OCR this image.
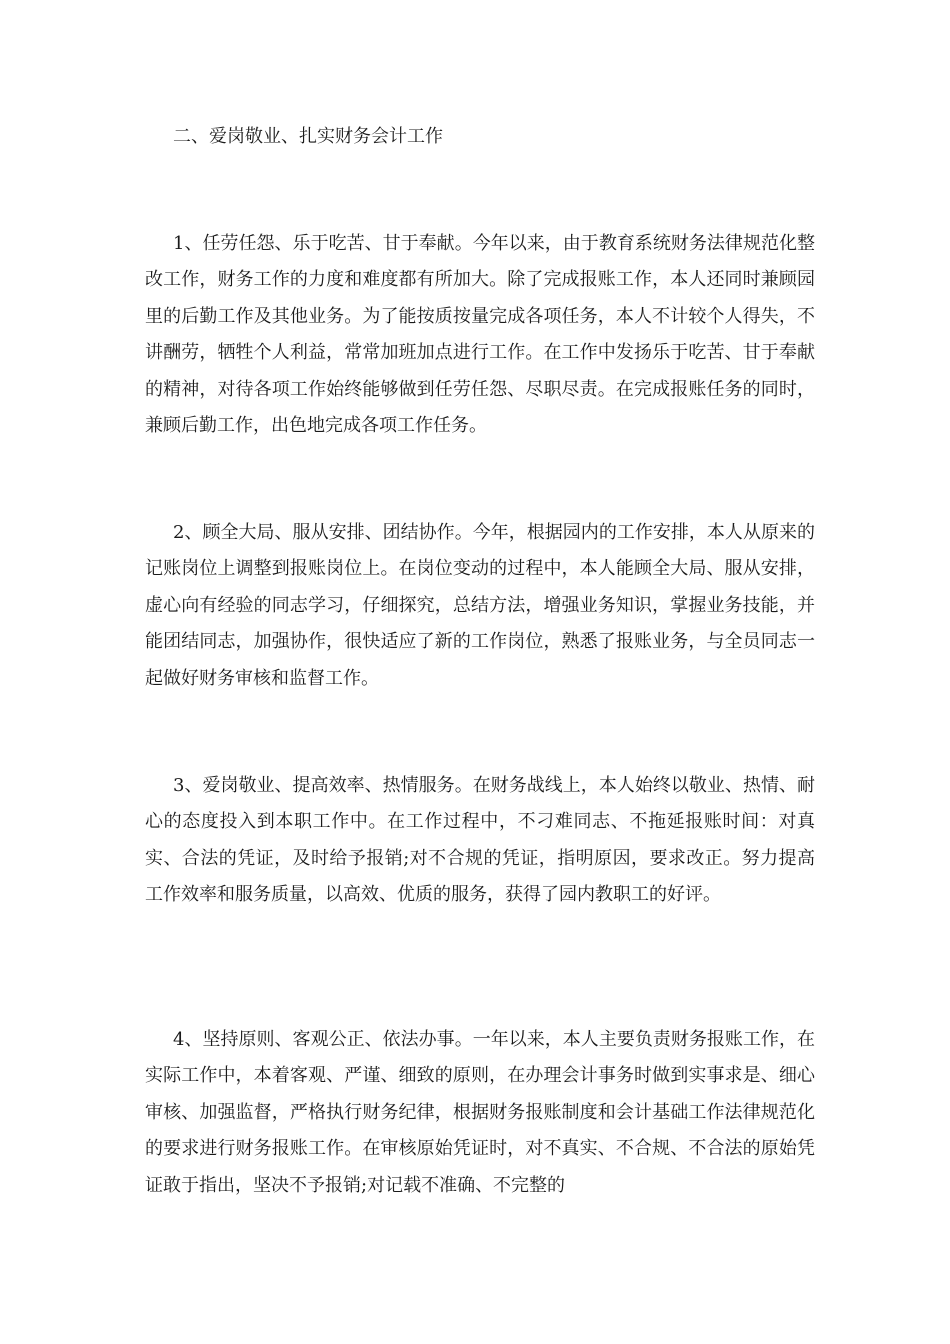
二、爱岗敬业、扎实财务会计工作

1、任劳任怨、乐于吃苦、甘于奉献。今年以来，由于教育系统财务法律规范化整改工作，财务工作的力度和难度都有所加大。除了完成报账工作，本人还同时兼顾园里的后勤工作及其他业务。为了能按质按量完成各项任务，本人不计较个人得失，不讲酬劳，牺牲个人利益，常常加班加点进行工作。在工作中发扬乐于吃苦、甘于奉献的精神，对待各项工作始终能够做到任劳任怨、尽职尽责。在完成报账任务的同时，兼顾后勤工作，出色地完成各项工作任务。

2、顾全大局、服从安排、团结协作。今年，根据园内的工作安排，本人从原来的记账岗位上调整到报账岗位上。在岗位变动的过程中，本人能顾全大局、服从安排，虚心向有经验的同志学习，仔细探究，总结方法，增强业务知识，掌握业务技能，并能团结同志，加强协作，很快适应了新的工作岗位，熟悉了报账业务，与全员同志一起做好财务审核和监督工作。

3、爱岗敬业、提高效率、热情服务。在财务战线上，本人始终以敬业、热情、耐心的态度投入到本职工作中。在工作过程中，不刁难同志、不拖延报账时间：对真实、合法的凭证，及时给予报销;对不合规的凭证，指明原因，要求改正。努力提高工作效率和服务质量，以高效、优质的服务，获得了园内教职工的好评。

4、坚持原则、客观公正、依法办事。一年以来，本人主要负责财务报账工作，在实际工作中，本着客观、严谨、细致的原则，在办理会计事务时做到实事求是、细心审核、加强监督，严格执行财务纪律，根据财务报账制度和会计基础工作法律规范化的要求进行财务报账工作。在审核原始凭证时，对不真实、不合规、不合法的原始凭证敢于指出，坚决不予报销;对记载不准确、不完整的
